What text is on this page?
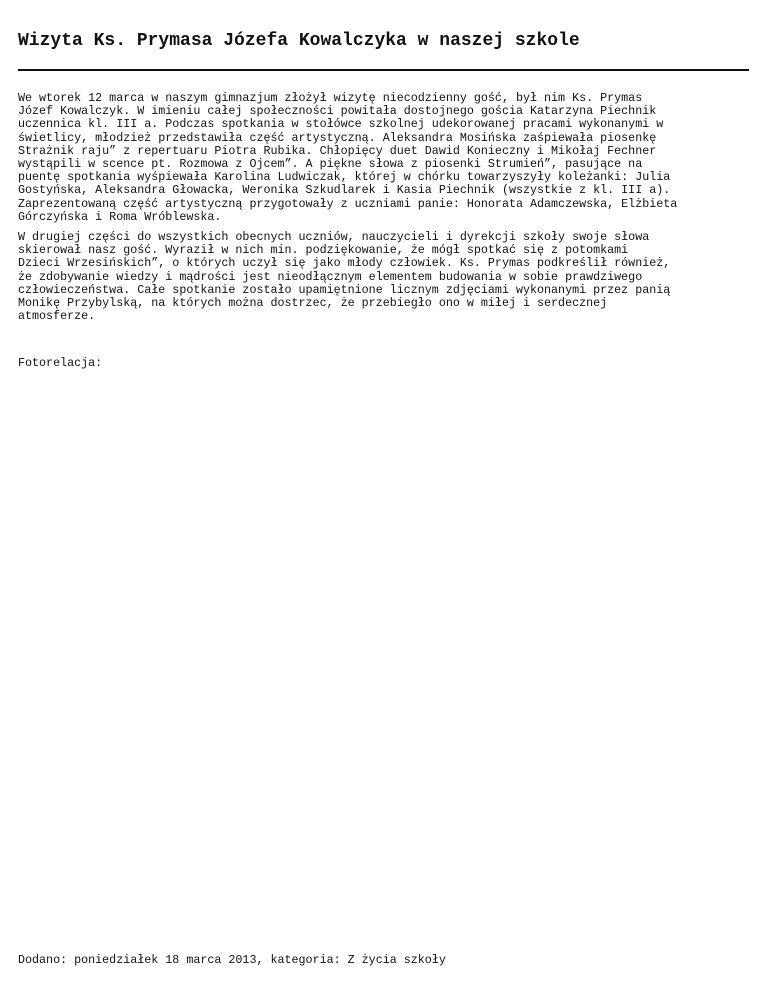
Wizyta Ks. Prymasa Józefa Kowalczyka w naszej szkole

We wtorek 12 marca w naszym gimnazjum złożył wizytę niecodzienny gość, był nim Ks. Prymas
Józef Kowalczyk. W imieniu całej społeczności powitała dostojnego gościa Katarzyna Piechnik
uczennica kl. III a. Podczas spotkania w stołówce szkolnej udekorowanej pracami wykonanymi w
świetlicy, młodzież przedstawiła część artystyczną. Aleksandra Mosińska zaśpiewała piosenkę
Strażnik raju” z repertuaru Piotra Rubika. Chłopięcy duet Dawid Konieczny i Mikołaj Fechner
wystąpili w scence pt. Rozmowa z Ojcem”. A piękne słowa z piosenki Strumień”, pasujące na
puentę spotkania wyśpiewała Karolina Ludwiczak, której w chórku towarzyszyły koleżanki: Julia
Gostyńska, Aleksandra Głowacka, Weronika Szkudlarek i Kasia Piechnik (wszystkie z kl. III a).
Zaprezentowaną część artystyczną przygotowały z uczniami panie: Honorata Adamczewska, Elżbieta
Górczyńska i Roma Wróblewska.

W drugiej części do wszystkich obecnych uczniów, nauczycieli i dyrekcji szkoły swoje słowa
skierował nasz gość. Wyraził w nich min. podziękowanie, że mógł spotkać się z potomkami
Dzieci Wrzesińskich”, o których uczył się jako młody człowiek. Ks. Prymas podkreślił również,
że zdobywanie wiedzy i mądrości jest nieodłącznym elementem budowania w sobie prawdziwego
człowieczeństwa. Całe spotkanie zostało upamiętnione licznym zdjęciami wykonanymi przez panią
Monikę Przybylską, na których można dostrzec, że przebiegło ono w miłej i serdecznej
atmosferze.

Fotorelacja:

Dodano: poniedziałek 18 marca 2013, kategoria: Z życia szkoły
